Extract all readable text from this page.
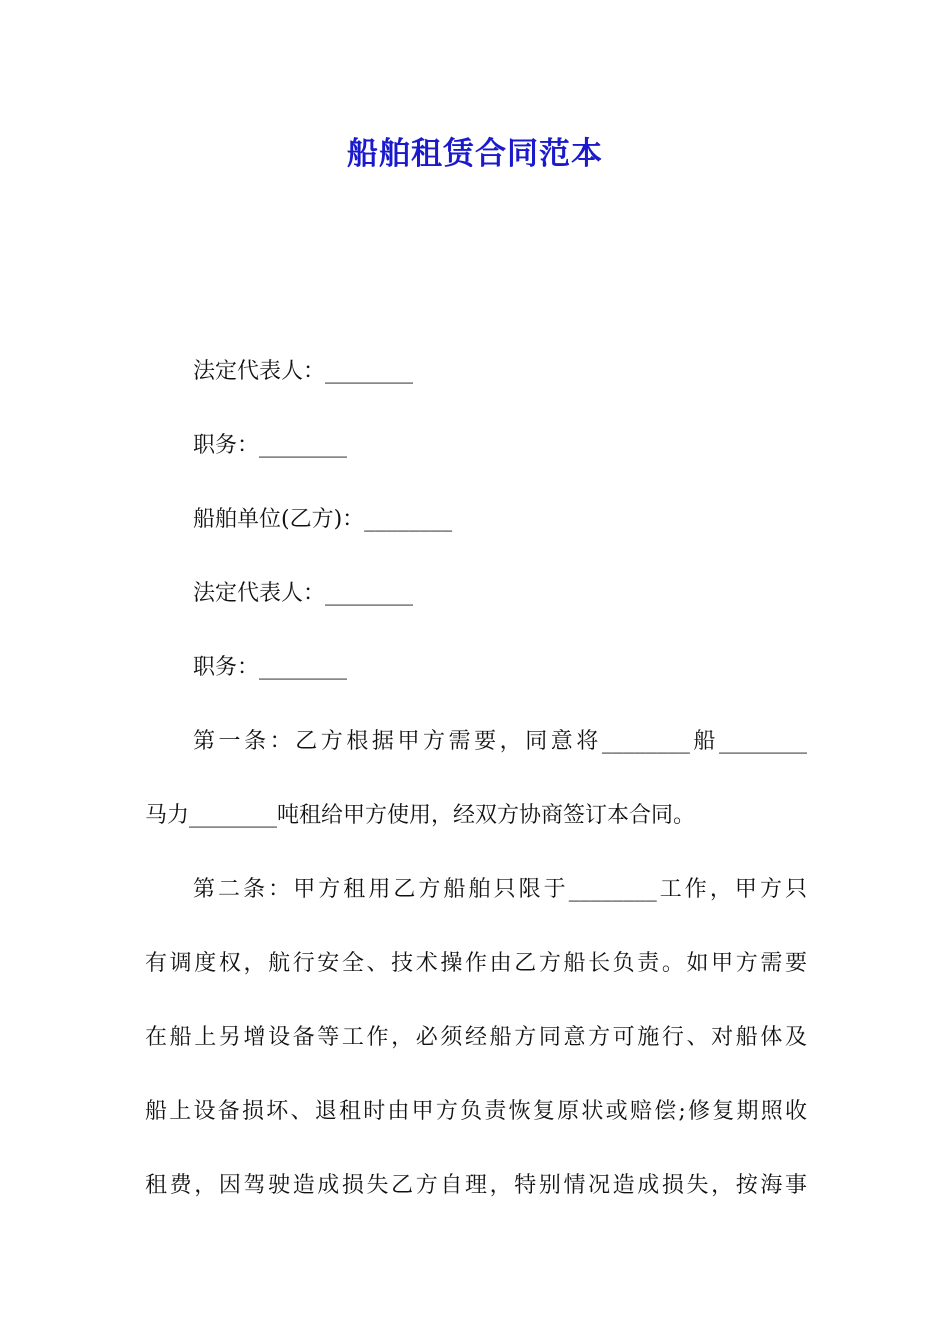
船舶租赁合同范本
法定代表人：________
职务：________
船舶单位(乙方)：________
法定代表人：________
职务：________
第一条：乙方根据甲方需要，同意将________船________
马力________吨租给甲方使用，经双方协商签订本合同。
第二条：甲方租用乙方船舶只限于________工作，甲方只
有调度权，航行安全、技术操作由乙方船长负责。如甲方需要
在船上另增设备等工作，必须经船方同意方可施行、对船体及
船上设备损坏、退租时由甲方负责恢复原状或赔偿;修复期照收
租费，因驾驶造成损失乙方自理，特别情况造成损失，按海事
